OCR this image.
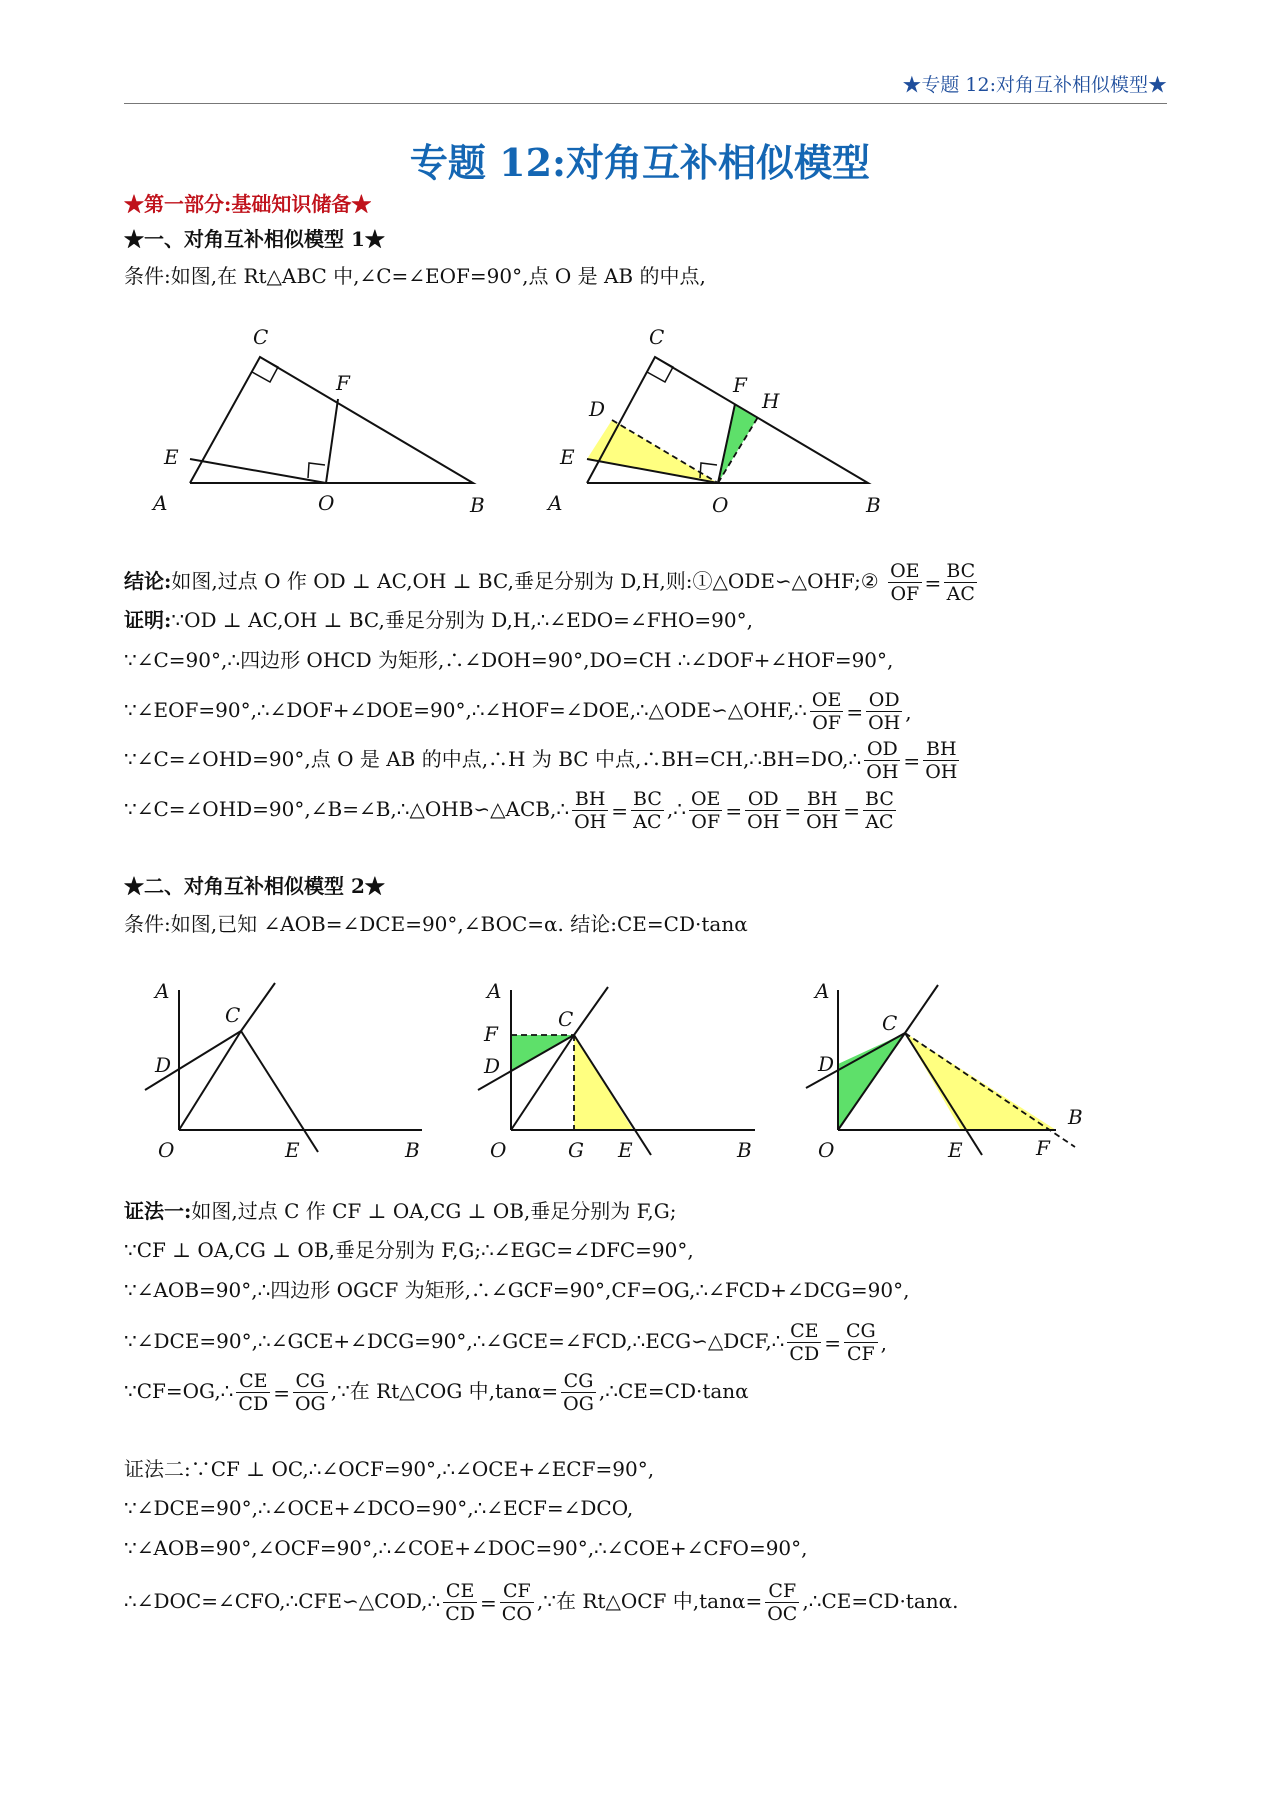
★专题 12:对角互补相似模型★
专题 12:对角互补相似模型
★第一部分:基础知识储备★
★一、对角互补相似模型 1★
条件:如图,在 Rt△ABC 中,∠C=∠EOF=90°,点 O 是 AB 的中点,
C
F
E
A	O	B
C
F
H
D
E
A	O	B
结论:如图,过点 O 作 OD ⊥ AC,OH ⊥ BC,垂足分别为 D,H,则:①△ODE∽△OHF;② $\frac{OE}{OF} = \frac{BC}{AC}$
证明:∵OD ⊥ AC,OH ⊥ BC,垂足分别为 D,H,∴∠EDO=∠FHO=90°,
∵∠C=90°,∴四边形 OHCD 为矩形,∴∠DOH=90°,DO=CH ∴∠DOF+∠HOF=90°,
∵∠EOF=90°,∴∠DOF+∠DOE=90°,∴∠HOF=∠DOE,∴△ODE∽△OHF,∴ $\frac{OE}{OF} = \frac{OD}{OH}$ ,
∵∠C=∠OHD=90°,点 O 是 AB 的中点,∴H 为 BC 中点,∴BH=CH,∴BH=DO,∴ $\frac{OD}{OH} = \frac{BH}{OH}$
∵∠C=∠OHD=90°,∠B=∠B,∴△OHB∽△ACB,∴ $\frac{BH}{OH} = \frac{BC}{AC}$ ,∴ $\frac{OE}{OF} = \frac{OD}{OH} = \frac{BH}{OH} = \frac{BC}{AC}$
★二、对角互补相似模型 2★
条件:如图,已知 ∠AOB=∠DCE=90°,∠BOC=α. 结论:CE=CD·tanα
A
C
D
O	E	B
A
C
F
D
O	G E	B
A
C
D
O	E	F
B
证法一:如图,过点 C 作 CF ⊥ OA,CG ⊥ OB,垂足分别为 F,G;
∵CF ⊥ OA,CG ⊥ OB,垂足分别为 F,G;∴∠EGC=∠DFC=90°,
∵∠AOB=90°,∴四边形 OGCF 为矩形,∴∠GCF=90°,CF=OG,∴∠FCD+∠DCG=90°,
∵∠DCE=90°,∴∠GCE+∠DCG=90°,∴∠GCE=∠FCD,∴ECG∽△DCF,∴ $\frac{CE}{CD} = \frac{CG}{CF}$ ,
∵CF=OG,∴ $\frac{CE}{CD} = \frac{CG}{OG}$ ,∵在 Rt△COG 中$,\tan\alpha= \frac{CG}{OG}$ ,∴CE=CD·tanα
证法二:∵CF ⊥ OC,∴∠OCF=90°,∴∠OCE+∠ECF=90°,
∵∠DCE=90°,∴∠OCE+∠DCO=90°,∴∠ECF=∠DCO,
∵∠AOB=90°,∠OCF=90°,∴∠COE+∠DOC=90°,∴∠COE+∠CFO=90°,
∴∠DOC=∠CFO,∴CFE∽△COD,∴ $\frac{CE}{CD} = \frac{CF}{CO}$ ,∵在 Rt△OCF 中$,\tan\alpha= \frac{CF}{OC}$ ,∴CE=CD·tanα.
